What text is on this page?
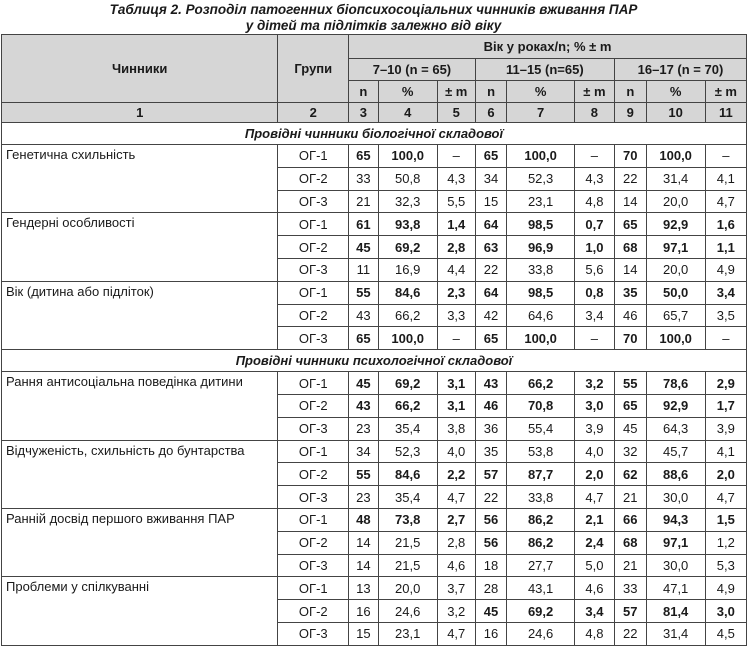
Таблиця 2. Розподіл патогенних біопсихосоціальних чинників вживання ПАР
у дітей та підлітків залежно від віку
Чинники	Групи	Вік у роках/n; % ± m								
		7–10 (n = 65)			11–15 (n=65)			16–17 (n = 70)		
		n	%	± m	n	%	± m	n	%	± m
1	2	3	4	5	6	7	8	9	10	11
Провідні чинники біологічної складової										
Генетична схильність	ОГ-1	65	100,0	–	65	100,0	–	70	100,0	–
	ОГ-2	33	50,8	4,3	34	52,3	4,3	22	31,4	4,1
	ОГ-3	21	32,3	5,5	15	23,1	4,8	14	20,0	4,7
Гендерні особливості	ОГ-1	61	93,8	1,4	64	98,5	0,7	65	92,9	1,6
	ОГ-2	45	69,2	2,8	63	96,9	1,0	68	97,1	1,1
	ОГ-3	11	16,9	4,4	22	33,8	5,6	14	20,0	4,9
Вік (дитина або підліток)	ОГ-1	55	84,6	2,3	64	98,5	0,8	35	50,0	3,4
	ОГ-2	43	66,2	3,3	42	64,6	3,4	46	65,7	3,5
	ОГ-3	65	100,0	–	65	100,0	–	70	100,0	–
Провідні чинники психологічної складової										
Рання антисоціальна поведінка дитини	ОГ-1	45	69,2	3,1	43	66,2	3,2	55	78,6	2,9
	ОГ-2	43	66,2	3,1	46	70,8	3,0	65	92,9	1,7
	ОГ-3	23	35,4	3,8	36	55,4	3,9	45	64,3	3,9
Відчуженість, схильність до бунтарства	ОГ-1	34	52,3	4,0	35	53,8	4,0	32	45,7	4,1
	ОГ-2	55	84,6	2,2	57	87,7	2,0	62	88,6	2,0
	ОГ-3	23	35,4	4,7	22	33,8	4,7	21	30,0	4,7
Ранній досвід першого вживання ПАР	ОГ-1	48	73,8	2,7	56	86,2	2,1	66	94,3	1,5
	ОГ-2	14	21,5	2,8	56	86,2	2,4	68	97,1	1,2
	ОГ-3	14	21,5	4,6	18	27,7	5,0	21	30,0	5,3
Проблеми у спілкуванні	ОГ-1	13	20,0	3,7	28	43,1	4,6	33	47,1	4,9
	ОГ-2	16	24,6	3,2	45	69,2	3,4	57	81,4	3,0
	ОГ-3	15	23,1	4,7	16	24,6	4,8	22	31,4	4,5
